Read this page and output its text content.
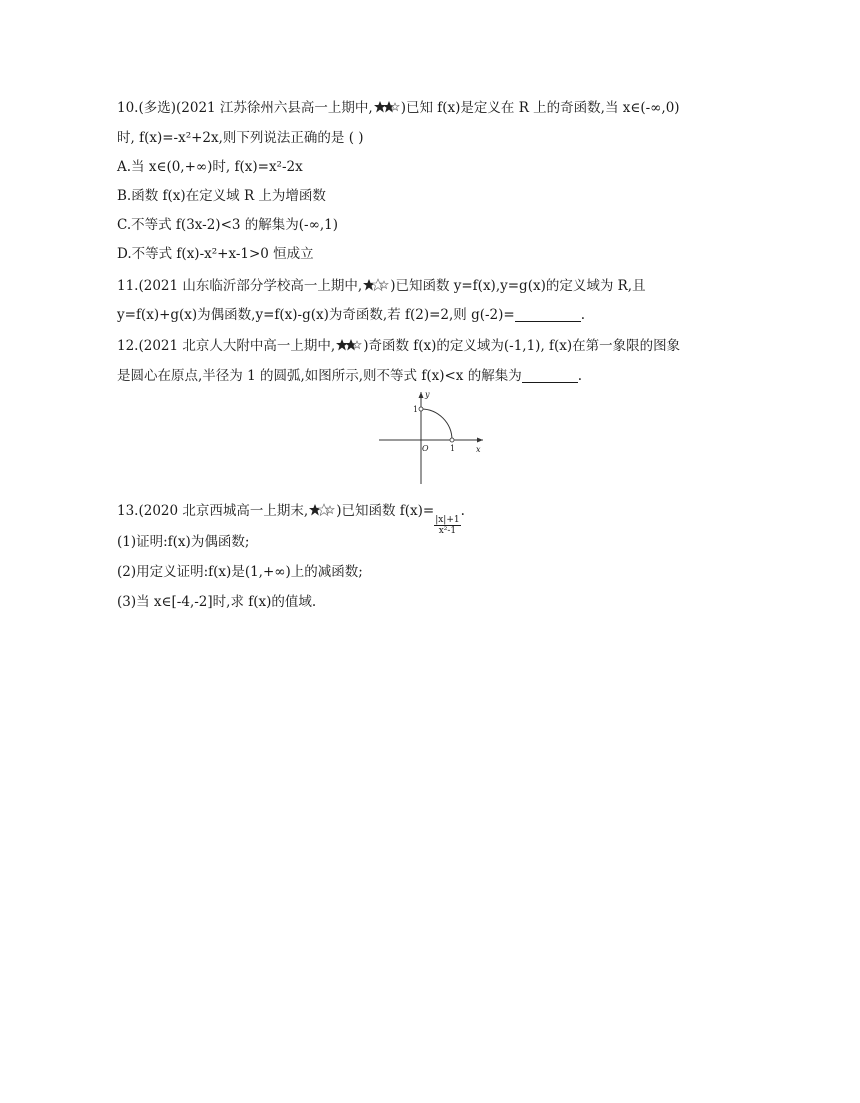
10.(多选)(2021 江苏徐州六县高一上期中, )已知 f(x)是定义在 R 上的奇函数,当 x∈(-∞,0)
时, f(x)=-x²+2x,则下列说法正确的是 ( )
A.当 x∈(0,+∞)时, f(x)=x²-2x
B.函数 f(x)在定义域 R 上为增函数
C.不等式 f(3x-2)<3 的解集为(-∞,1)
D.不等式 f(x)-x²+x-1>0 恒成立
11.(2021 山东临沂部分学校高一上期中, )已知函数 y=f(x),y=g(x)的定义域为 R,且
y=f(x)+g(x)为偶函数,y=f(x)-g(x)为奇函数,若 f(2)=2,则 g(-2)=	.
12.(2021 北京人大附中高一上期中, )奇函数 f(x)的定义域为(-1,1), f(x)在第一象限的图象
是圆心在原点,半径为 1 的圆弧,如图所示,则不等式 f(x)<x 的解集为	.
y
x
O	1
1
13.(2020 北京西城高一上期末, )已知函数 f(x)=
$\frac{|x|+1}{\text{x²-1}}$
.
(1)证明:f(x)为偶函数;
(2)用定义证明:f(x)是(1,+∞)上的减函数;
(3)当 x∈[-4,-2]时,求 f(x)的值域.
